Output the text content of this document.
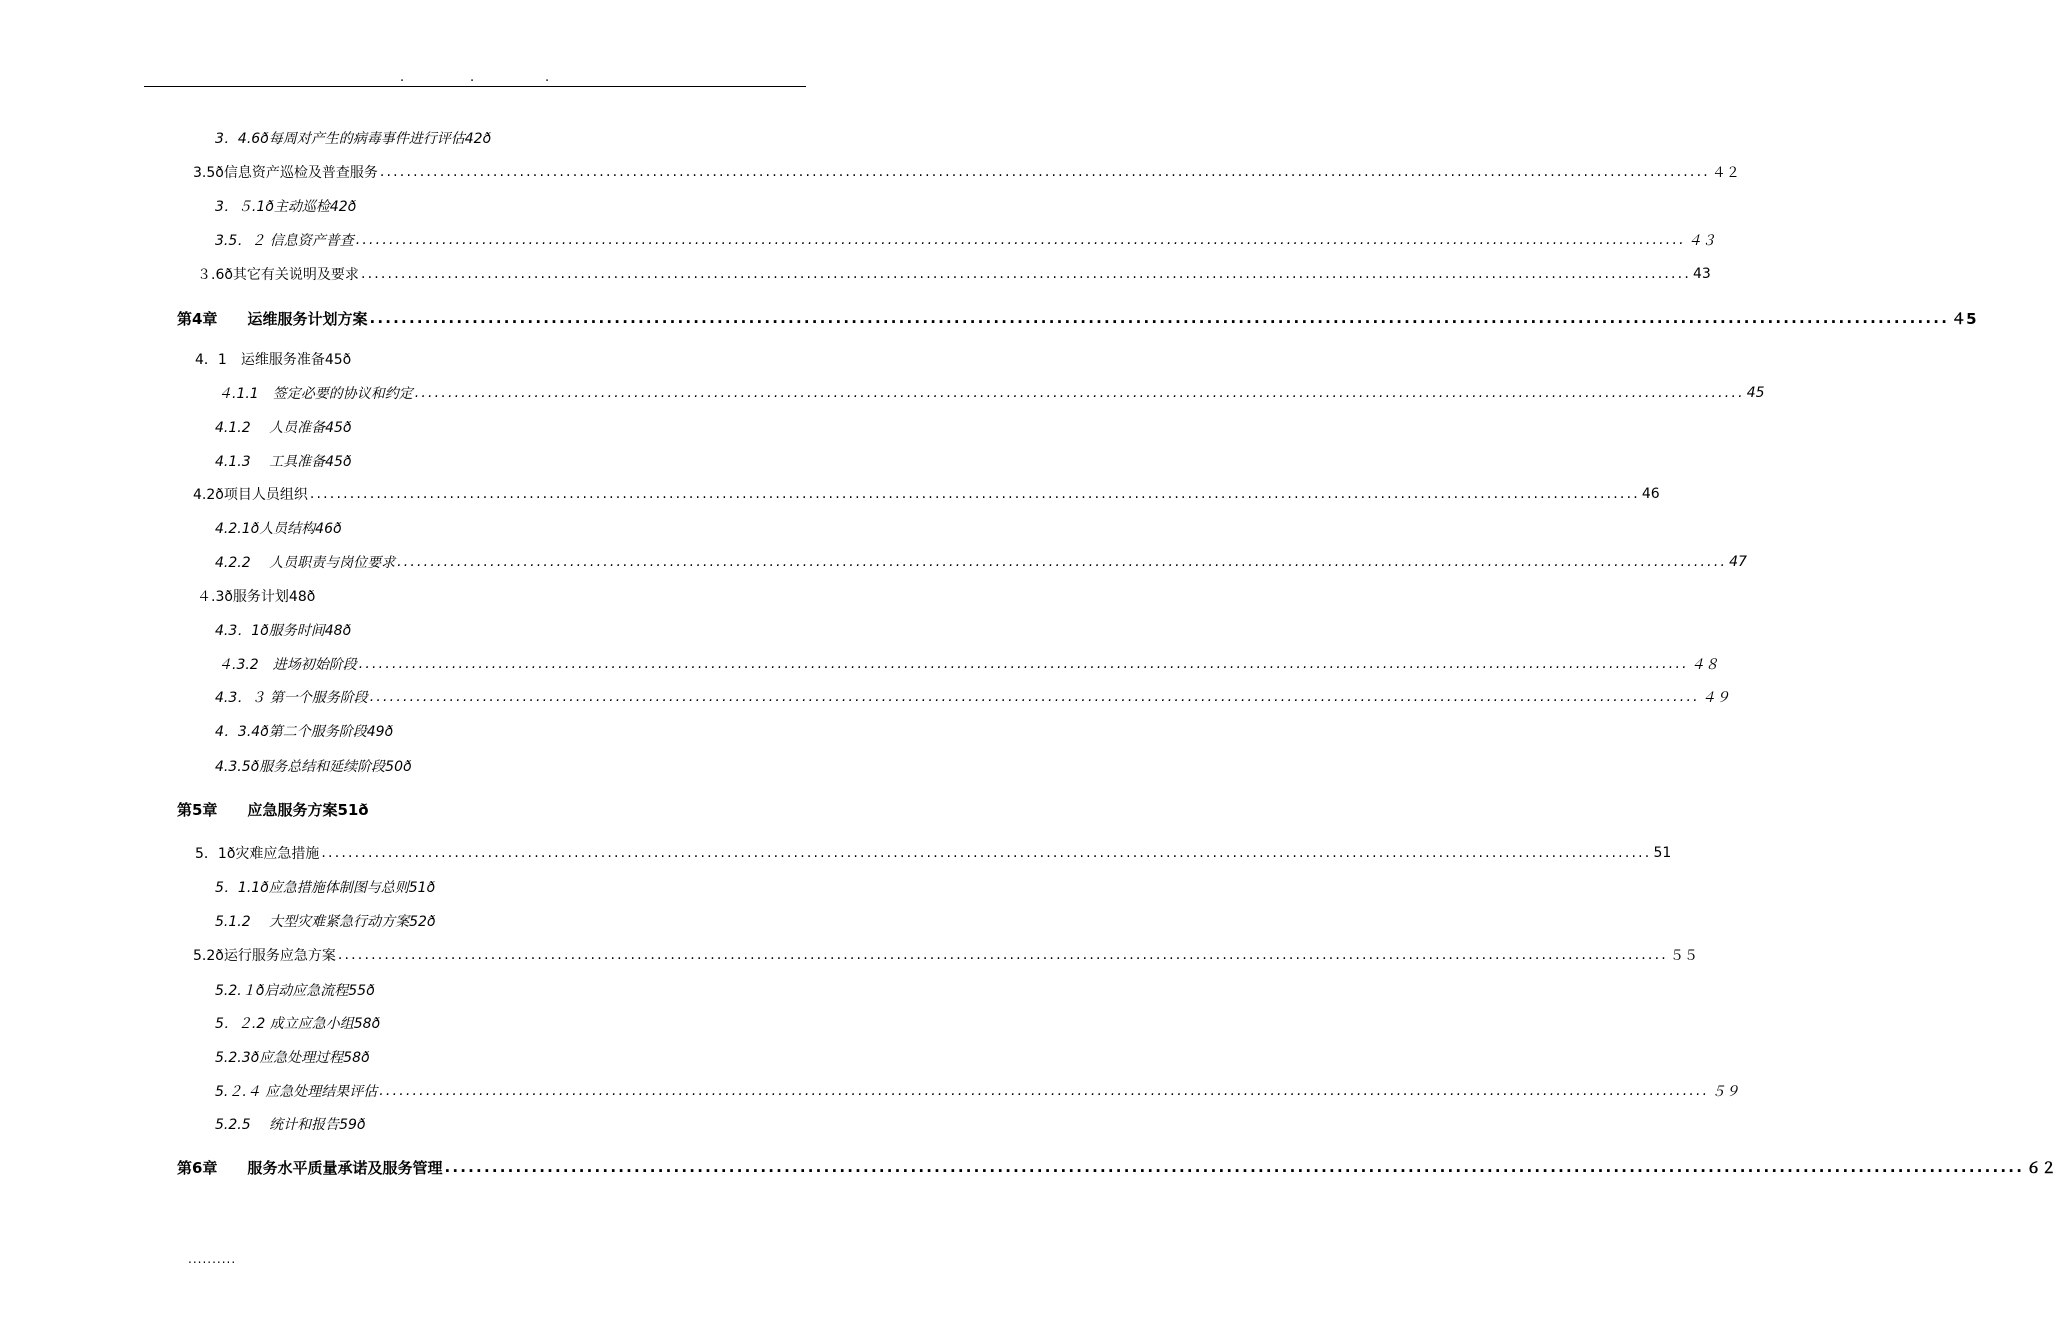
.	.	.
3．4.6ð每周对产生的病毒事件进行评估42ð
3.5ð信息资产巡检及普查服务 ........................................................................................................................................................................................................ ４２
3．５.1ð主动巡检42ð
3.5．２ 信息资产普查 ........................................................................................................................................................................................................ ４３
３.6ð其它有关说明及要求 ........................................................................................................................................................................................................ 43
第4章　　运维服务计划方案 ........................................................................................................................................................................................................ ４5
4．1　运维服务准备45ð
４.1.1　签定必要的协议和约定 ........................................................................................................................................................................................................ 45
4.1.2　 人员准备45ð
4.1.3　 工具准备45ð
4.2ð项目人员组织 ........................................................................................................................................................................................................ 46
4.2.1ð人员结构46ð
4.2.2　 人员职责与岗位要求 ........................................................................................................................................................................................................ 47
４.3ð服务计划48ð
4.3．1ð服务时间48ð
４.3.2　进场初始阶段 ........................................................................................................................................................................................................ ４８
4.3．３ 第一个服务阶段 ........................................................................................................................................................................................................ ４９
4．3.4ð第二个服务阶段49ð
4.3.5ð服务总结和延续阶段50ð
第5章　　应急服务方案51ð
5．1ð灾难应急措施 ........................................................................................................................................................................................................ 51
5．1.1ð应急措施体制图与总则51ð
5.1.2　 大型灾难紧急行动方案52ð
5.2ð运行服务应急方案 ........................................................................................................................................................................................................ ５５
5.2.１ð启动应急流程55ð
5．２.2 成立应急小组58ð
5.2.3ð应急处理过程58ð
5.２.４ 应急处理结果评估 ........................................................................................................................................................................................................ ５９
5.2.5　 统计和报告59ð
第6章　　服务水平质量承诺及服务管理 ........................................................................................................................................................................................................ ６２
..........
